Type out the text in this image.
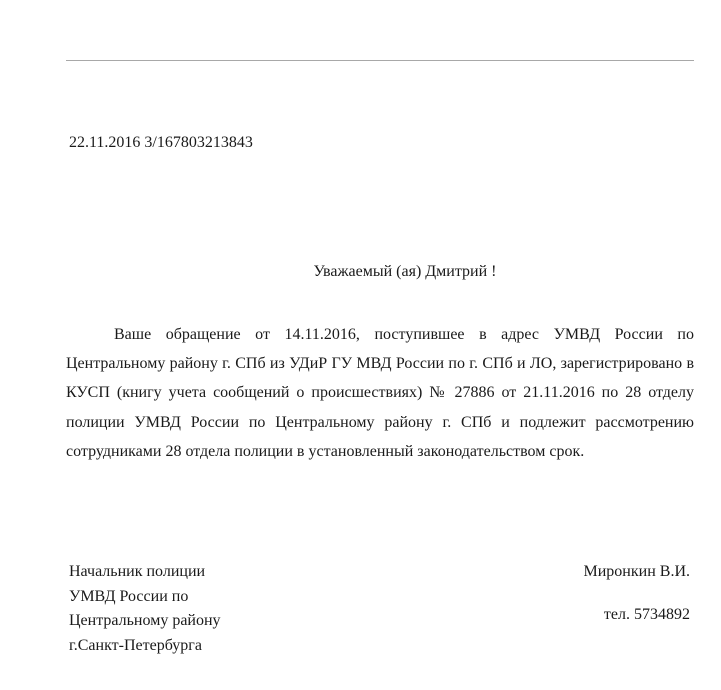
22.11.2016 3/167803213843
Уважаемый (ая) Дмитрий !

Ваше обращение от 14.11.2016, поступившее в адрес УМВД России по Центральному району г. СПб из УДиР ГУ МВД России по г. СПб и ЛО, зарегистрировано в КУСП (книгу учета сообщений о происшествиях) № 27886 от 21.11.2016 по 28 отделу полиции УМВД России по Центральному району г. СПб и подлежит рассмотрению сотрудниками 28 отдела полиции в установленный законодательством срок.

Начальник полиции
УМВД России по
Центральному району
г.Санкт-Петербурга
Миронкин В.И.
тел. 5734892
